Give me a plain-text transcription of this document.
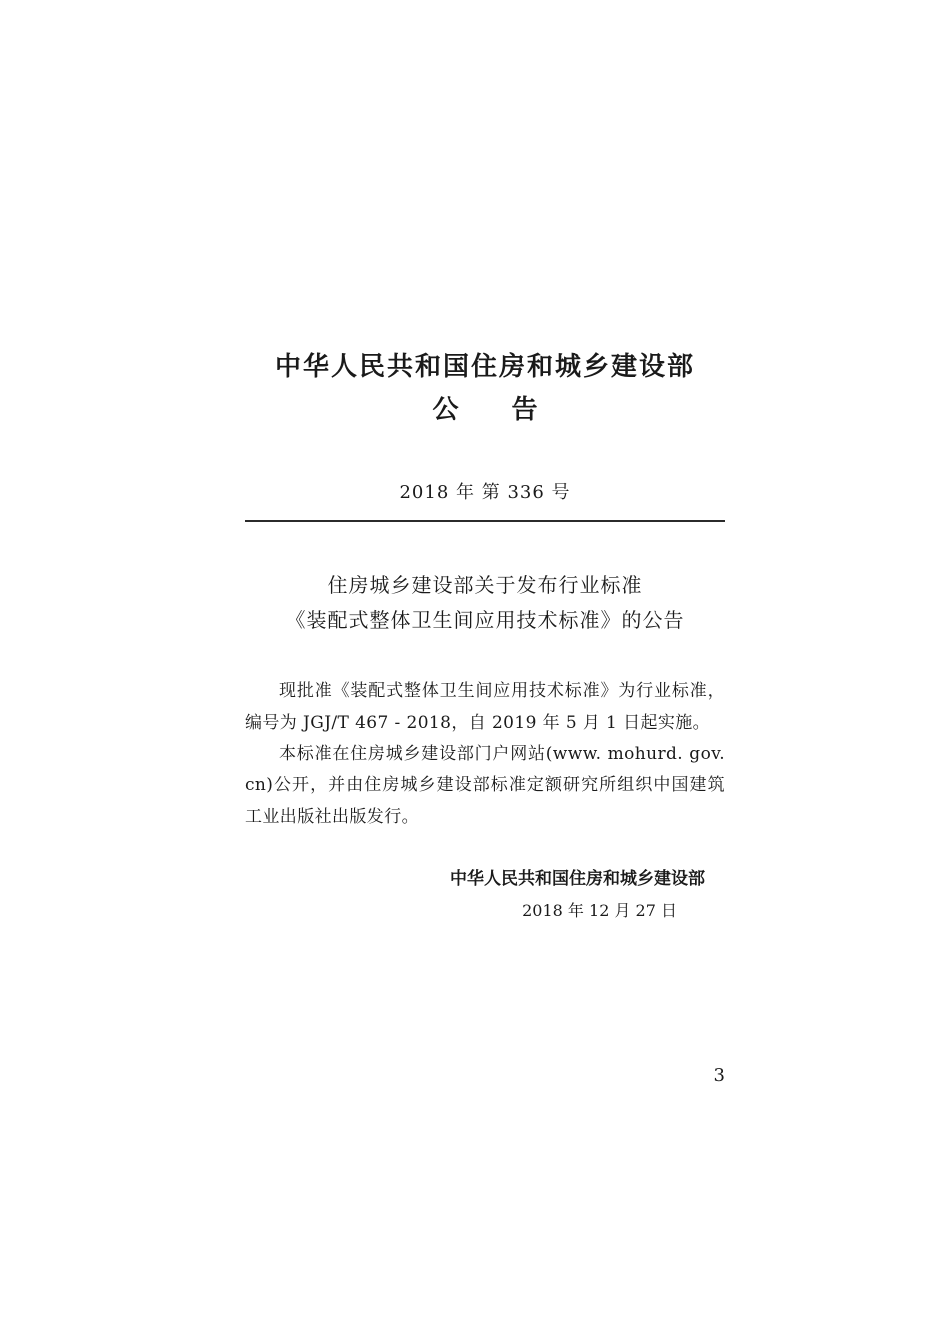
中华人民共和国住房和城乡建设部
公 告
2018 年 第 336 号
住房城乡建设部关于发布行业标准
《装配式整体卫生间应用技术标准》的公告

现批准《装配式整体卫生间应用技术标准》为行业标准，编号为 JGJ/T 467 - 2018，自 2019 年 5 月 1 日起实施。

本标准在住房城乡建设部门户网站(www. mohurd. gov. cn)公开，并由住房城乡建设部标准定额研究所组织中国建筑工业出版社出版发行。

中华人民共和国住房和城乡建设部
2018 年 12 月 27 日
3
